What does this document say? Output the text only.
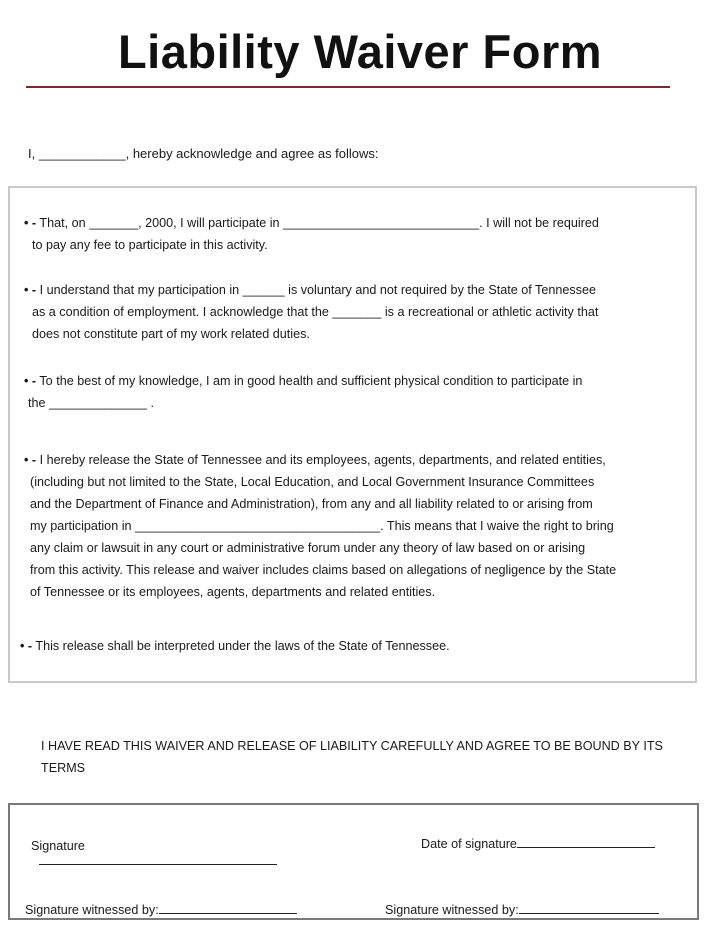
Liability Waiver Form
I, ____________, hereby acknowledge and agree as follows:
• - That, on _______, 2000, I will participate in ____________________________. I will not be required
to pay any fee to participate in this activity.
• - I understand that my participation in ______ is voluntary and not required by the State of Tennessee
as a condition of employment. I acknowledge that the _______ is a recreational or athletic activity that
does not constitute part of my work related duties.
• - To the best of my knowledge, I am in good health and sufficient physical condition to participate in
the ______________ .
• - I hereby release the State of Tennessee and its employees, agents, departments, and related entities,
(including but not limited to the State, Local Education, and Local Government Insurance Committees
and the Department of Finance and Administration), from any and all liability related to or arising from
my participation in ___________________________________. This means that I waive the right to bring
any claim or lawsuit in any court or administrative forum under any theory of law based on or arising
from this activity. This release and waiver includes claims based on allegations of negligence by the State
of Tennessee or its employees, agents, departments and related entities.
• - This release shall be interpreted under the laws of the State of Tennessee.
I HAVE READ THIS WAIVER AND RELEASE OF LIABILITY CAREFULLY AND AGREE TO BE BOUND BY ITS
TERMS

Signature
	Date of signature

Signature witnessed by:	Signature witnessed by:
